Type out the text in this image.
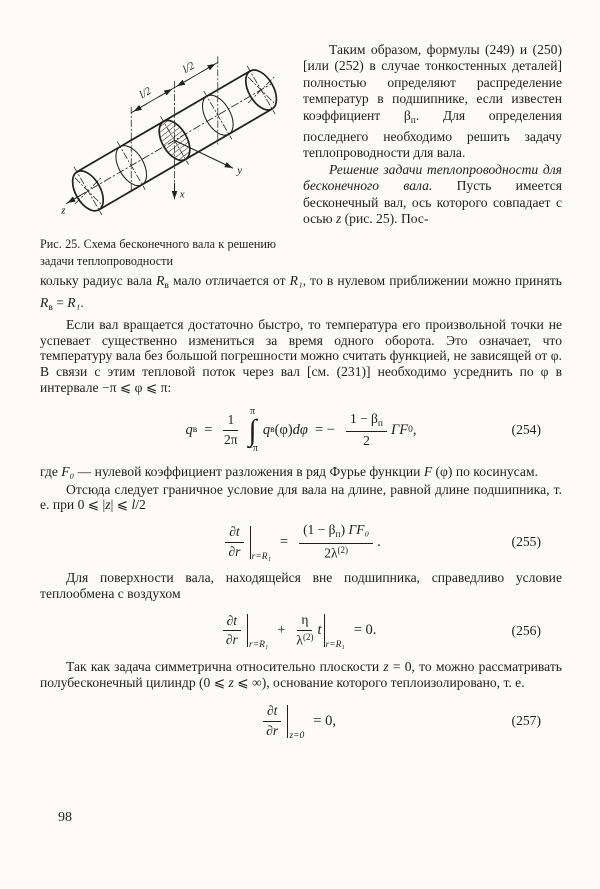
l/2
l/2
x
y
z

Рис. 25. Схема бесконечного вала к решению задачи теплопроводности

Таким образом, формулы (249) и (250) [или (252) в случае тонкостенных деталей] полностью определяют распределение температур в подшипнике, если известен коэффициент $\beta_п$. Для определения последнего необходимо решить задачу теплопроводности для вала.

Решение задачи теплопроводности для бесконечного вала. Пусть имеется бесконечный вал, ось которого совпадает с осью z (рис. 25). Пос-

кольку радиус вала $R_в$ мало отличается от R₁, то в нулевом приближении можно принять $R_в = R_1$.

Если вал вращается достаточно быстро, то температура его произвольной точки не успевает существенно измениться за время одного оборота. Это означает, что температуру вала без большой погрешности можно считать функцией, не зависящей от φ. В связи с этим тепловой поток через вал [см. (231)] необходимо усреднить по φ в интервале −π ⩽ φ ⩽ π:

q $в = \frac{1}{2\pi}$
π
∫
−π
q в (φ) dφ = − $\frac{1 - \beta_п}{2}$ ΓF 0 ,	(254)

где F₀ — нулевой коэффициент разложения в ряд Фурье функции F (φ) по косинусам.

Отсюда следует граничное условие для вала на длине, равной длине подшипника, т. е. при 0 ⩽ |z| ⩽ l/2

$\frac{\partial t}{\partial r} r=R_1$
= $\frac{(1 - \beta_п) \Gamma F_0}{2\lambda^{(2)}}$ .	(255)

Для поверхности вала, находящейся вне подшипника, справедливо условие теплообмена с воздухом

$\frac{\partial t}{\partial r} r=R_1$
+ $\frac{\eta}{\lambda^{(2)}}$ t
r=R₁
= 0.	(256)

Так как задача симметрична относительно плоскости z = 0, то можно рассматривать полубесконечный цилиндр (0 ⩽ z ⩽ ∞), основание которого теплоизолировано, т. е.

$\frac{\partial t}{\partial r} z=0$
= 0,	(257)
98
